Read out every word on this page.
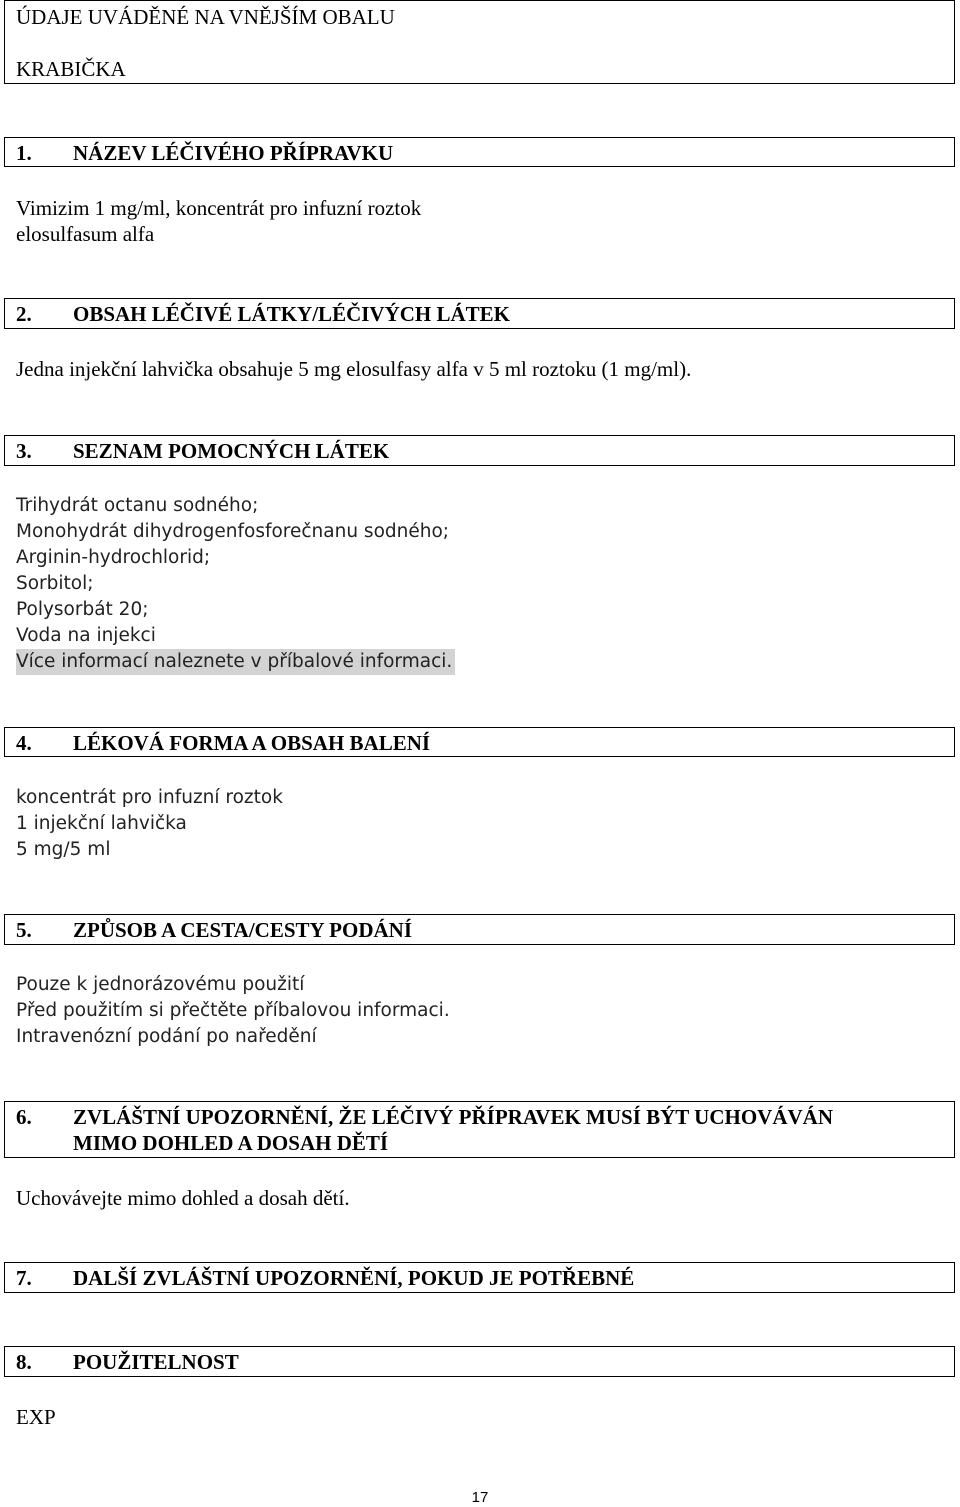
ÚDAJE UVÁDĚNÉ NA VNĚJŠÍM OBALU
KRABIČKA
1. NÁZEV LÉČIVÉHO PŘÍPRAVKU
Vimizim 1 mg/ml, koncentrát pro infuzní roztok
elosulfasum alfa
2. OBSAH LÉČIVÉ LÁTKY/LÉČIVÝCH LÁTEK
Jedna injekční lahvička obsahuje 5 mg elosulfasy alfa v 5 ml roztoku (1 mg/ml).
3. SEZNAM POMOCNÝCH LÁTEK
Trihydrát octanu sodného;
Monohydrát dihydrogenfosforečnanu sodného;
Arginin-hydrochlorid;
Sorbitol;
Polysorbát 20;
Voda na injekci
Více informací naleznete v příbalové informaci.
4. LÉKOVÁ FORMA A OBSAH BALENÍ
koncentrát pro infuzní roztok
1 injekční lahvička
5 mg/5 ml
5. ZPŮSOB A CESTA/CESTY PODÁNÍ
Pouze k jednorázovému použití
Před použitím si přečtěte příbalovou informaci.
Intravenózní podání po naředění
6. ZVLÁŠTNÍ UPOZORNĚNÍ, ŽE LÉČIVÝ PŘÍPRAVEK MUSÍ BÝT UCHOVÁVÁN
MIMO DOHLED A DOSAH DĚTÍ
Uchovávejte mimo dohled a dosah dětí.
7. DALŠÍ ZVLÁŠTNÍ UPOZORNĚNÍ, POKUD JE POTŘEBNÉ
8. POUŽITELNOST
EXP
17
